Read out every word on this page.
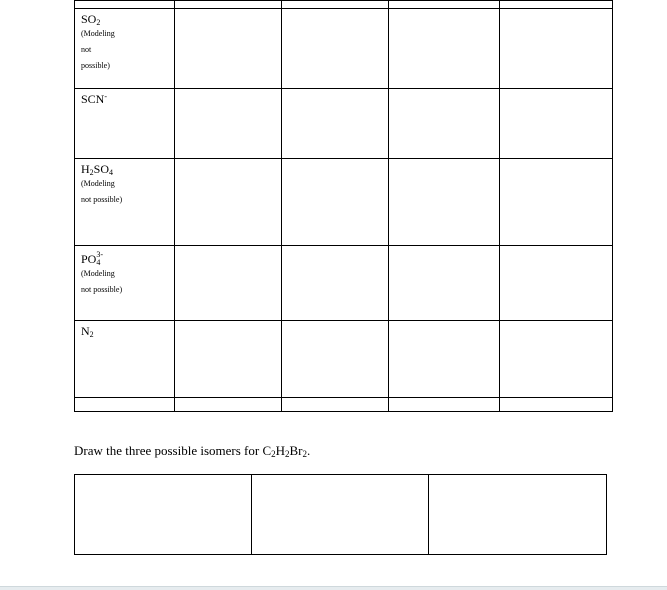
$SO_2$
(Modeling
not
possible)				

SCN-

$H_2SO_4$
(Modeling
not possible)				

$PO_4^{3-}$
(Modeling
not possible)				

$N_2$

Draw the three possible isomers for $C_2H_2Br_2$.
